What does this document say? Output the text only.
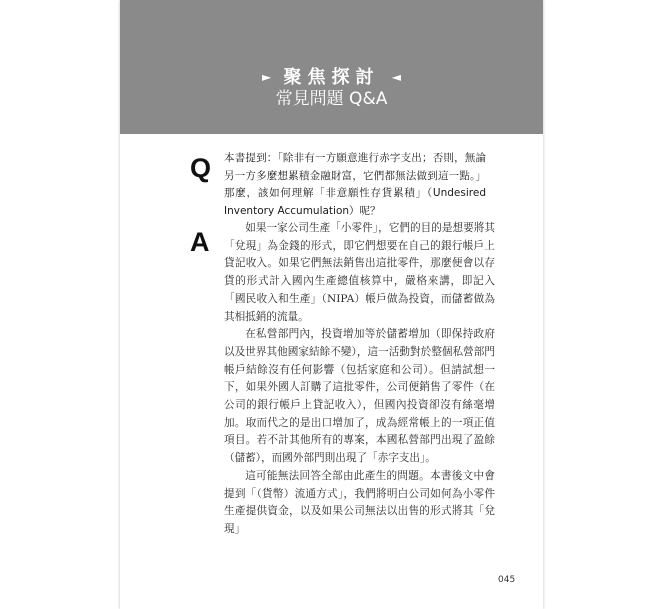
► 聚焦探討 ◄
常見問題 Q&A
Q 本書提到：「除非有一方願意進行赤字支出；否則，無論另一方多麼想累積金融財富，它們都無法做到這一點。」那麼，該如何理解「非意願性存貨累積」（Undesired Inventory Accumulation）呢？
A	如果一家公司生產「小零件」，它們的目的是想要將其「兌現」為金錢的形式，即它們想要在自己的銀行帳戶上貸記收入。如果它們無法銷售出這批零件，那麼便會以存貨的形式計入國內生產總值核算中，嚴格來講，即記入「國民收入和生產」（NIPA）帳戶做為投資，而儲蓄做為其相抵銷的流量。

在私營部門內，投資增加等於儲蓄增加（即保持政府以及世界其他國家結餘不變），這一活動對於整個私營部門帳戶結餘沒有任何影響（包括家庭和公司）。但請試想一下，如果外國人訂購了這批零件，公司便銷售了零件（在公司的銀行帳戶上貸記收入），但國內投資卻沒有絲毫增加。取而代之的是出口增加了，成為經常帳上的一項正值項目。若不計其他所有的專案，本國私營部門出現了盈餘（儲蓄），而國外部門則出現了「赤字支出」。

這可能無法回答全部由此產生的問題。本書後文中會提到「（貨幣）流通方式」，我們將明白公司如何為小零件生產提供資金，以及如果公司無法以出售的形式將其「兌現」

045
